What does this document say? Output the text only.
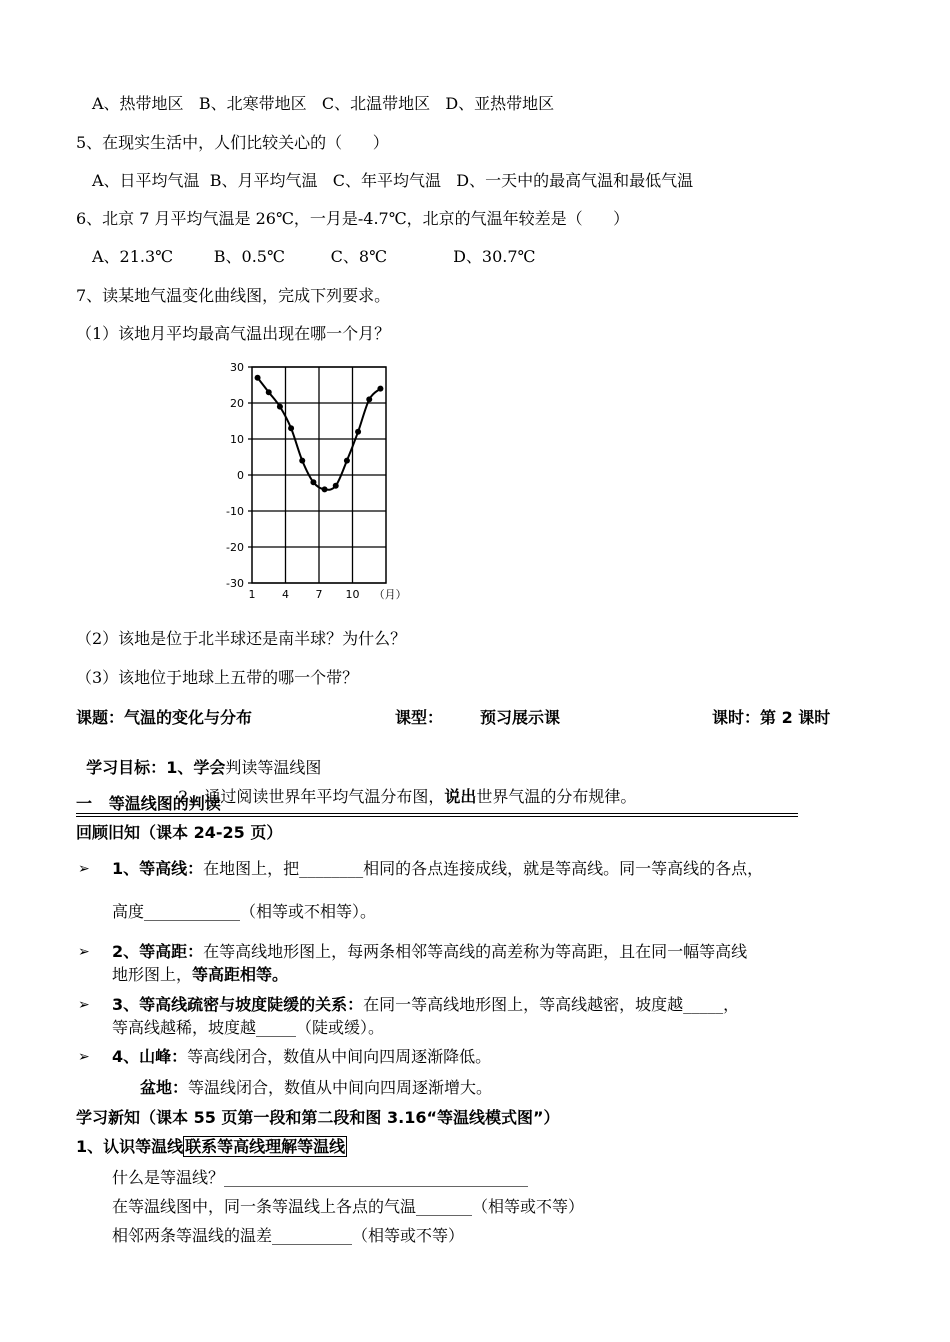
A、热带地区   B、北寒带地区   C、北温带地区   D、亚热带地区
5、在现实生活中，人们比较关心的（      ）
A、日平均气温  B、月平均气温   C、年平均气温   D、一天中的最高气温和最低气温
6、北京 7 月平均气温是 26℃，一月是-4.7℃，北京的气温年较差是（      ）
A、21.3℃        B、0.5℃         C、8℃             D、30.7℃
7、读某地气温变化曲线图，完成下列要求。
（1）该地月平均最高气温出现在哪一个月？
30
20
10
0
-10
-20
-30
1 4 7 10 （月）
（2）该地是位于北半球还是南半球？为什么？
（3）该地位于地球上五带的哪一个带？
课题：气温的变化与分布	课型： 预习展示课	课时：第 2 课时

学习目标：1、学会判读等温线图

2、通过阅读世界年平均气温分布图，说出世界气温的分布规律。

一   等温线图的判读
回顾旧知（课本 24-25 页）
➢ 1、等高线：在地图上，把________相同的各点连接成线，就是等高线。同一等高线的各点，
高度____________（相等或不相等）。
➢ 2、等高距：在等高线地形图上，每两条相邻等高线的高差称为等高距，且在同一幅等高线
地形图上，等高距相等。
➢ 3、等高线疏密与坡度陡缓的关系：在同一等高线地形图上，等高线越密，坡度越_____，
等高线越稀，坡度越_____（陡或缓）。
➢ 4、山峰：等高线闭合，数值从中间向四周逐渐降低。
盆地：等温线闭合，数值从中间向四周逐渐增大。
学习新知（课本 55 页第一段和第二段和图 3.16“等温线模式图”）
1、认识等温线 联系等高线理解等温线
什么是等温线？______________________________________
在等温线图中，同一条等温线上各点的气温_______（相等或不等）
相邻两条等温线的温差__________（相等或不等）
